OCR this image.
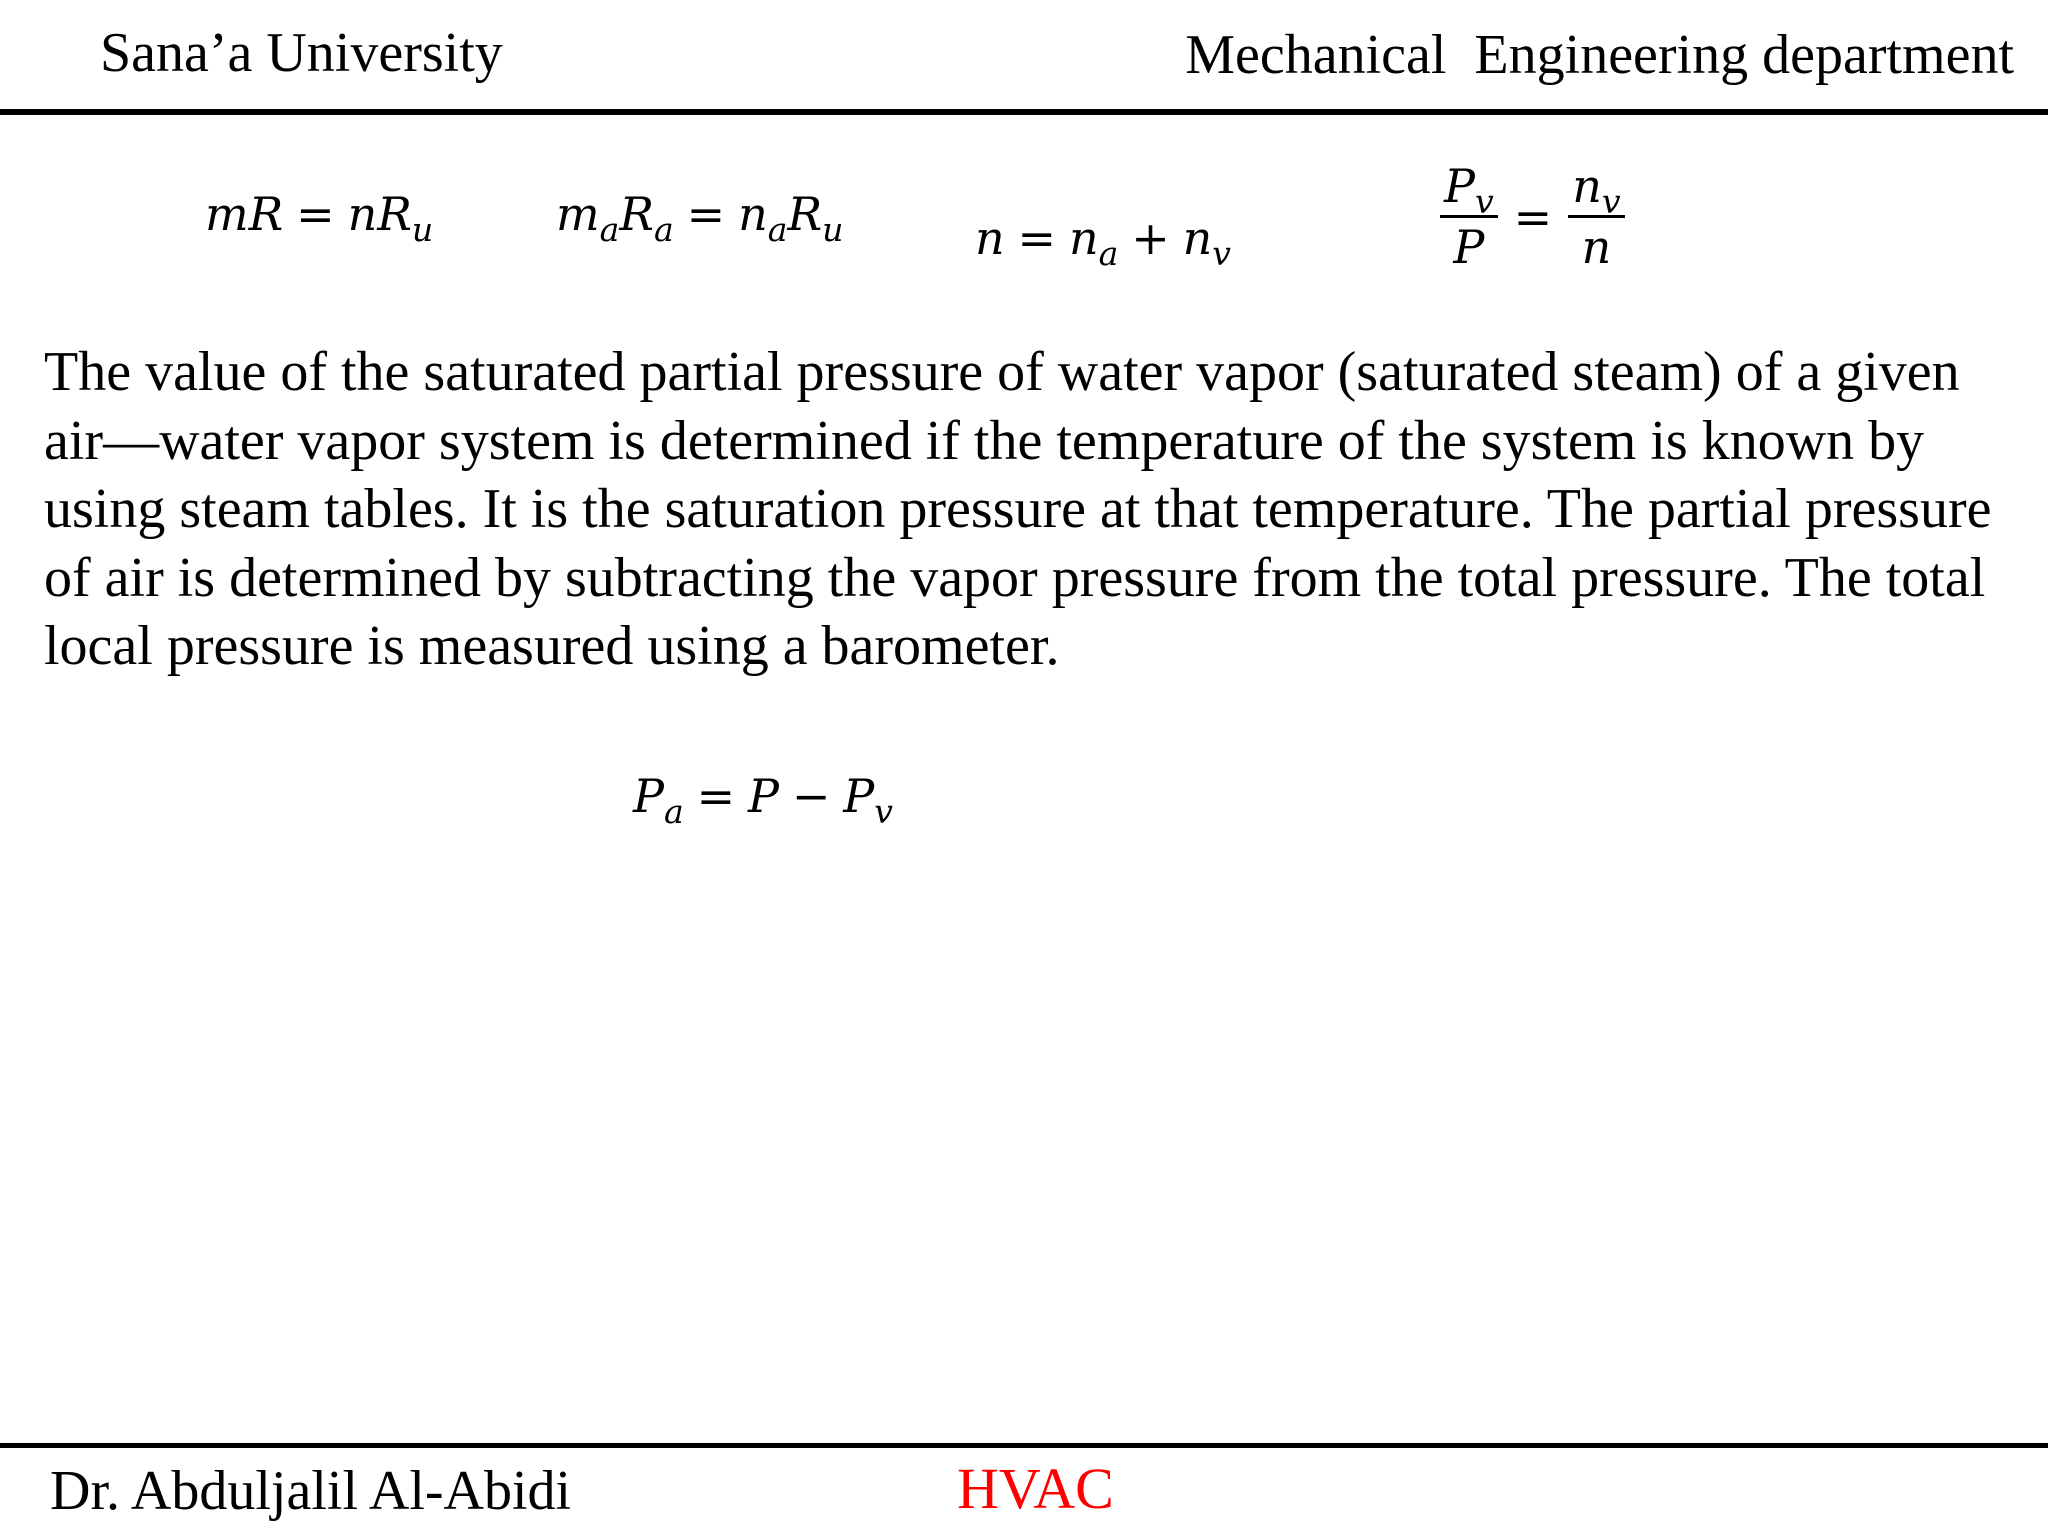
Sana’a University	Mechanical  Engineering department
mR = $nR_u$	$m_aR_a = n_aR_u$	$n = n_a + n_v$	$\frac{P_v}{P} = \frac{n_v}{n}$

The value of the saturated partial pressure of water vapor (saturated steam) of a given air—water vapor system is determined if the temperature of the system is known by using steam tables. It is the saturation pressure at that temperature. The partial pressure of air is determined by subtracting the vapor pressure from the total pressure. The total local pressure is measured using a barometer.

$P_a = P - P_v$
Dr. Abduljalil Al-Abidi	HVAC
